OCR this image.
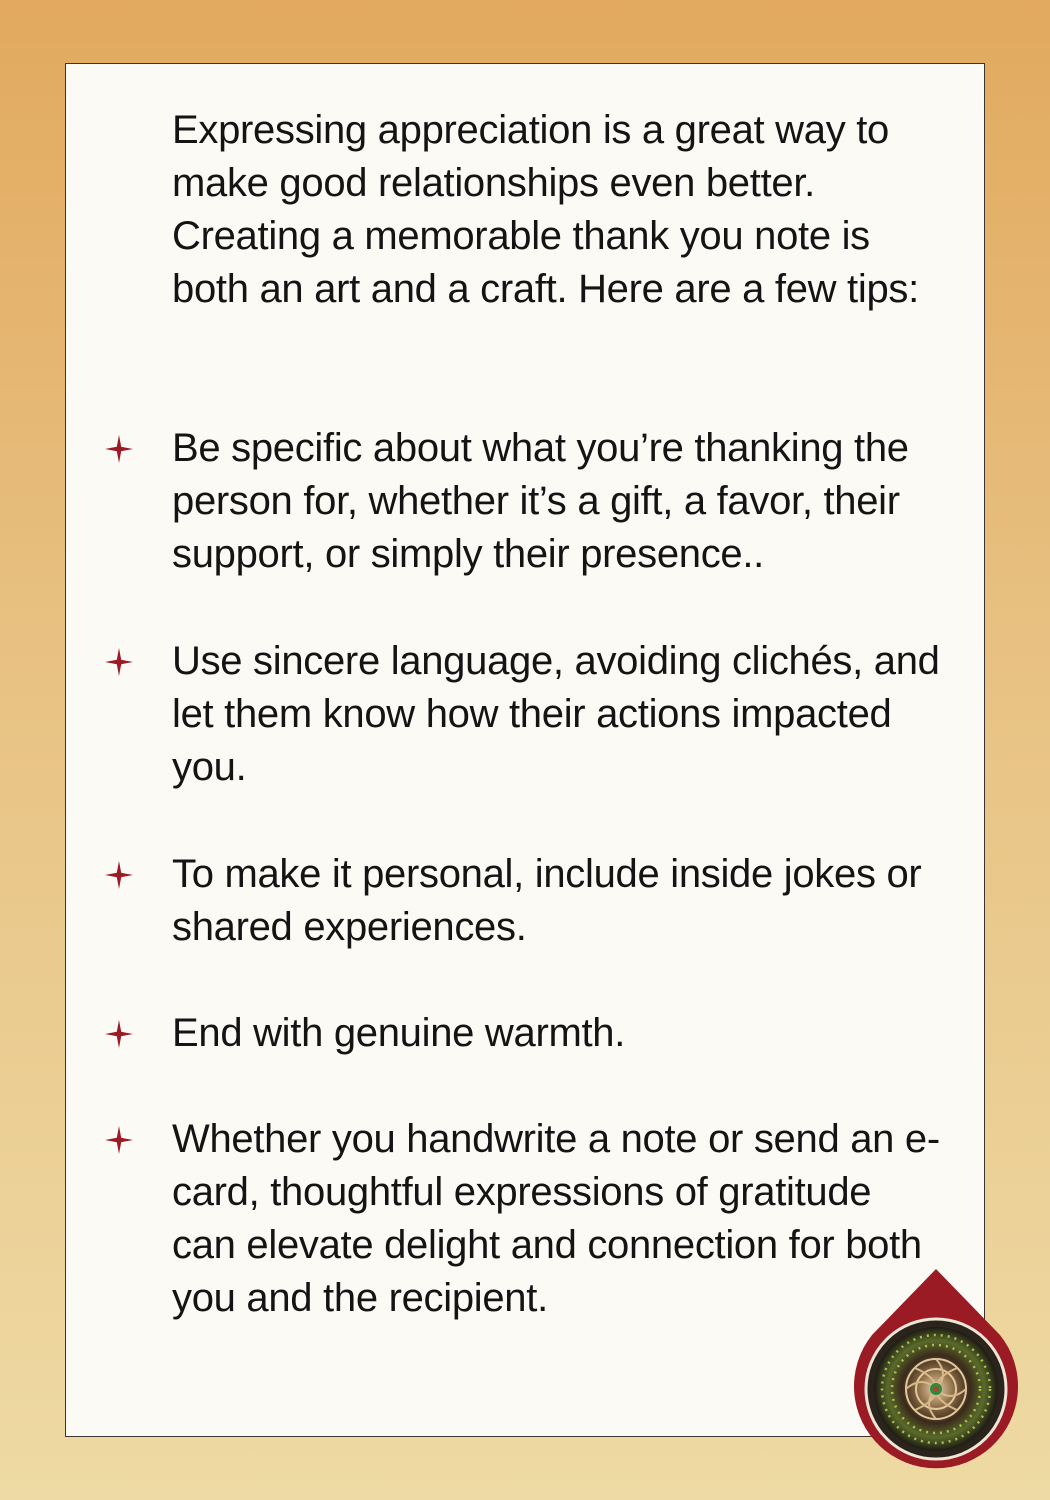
Expressing appreciation is a great way to make good relationships even better. Creating a memorable thank you note is both an art and a craft. Here are a few tips:

Be specific about what you’re thanking the person for, whether it’s a gift, a favor, their support, or simply their presence..
Use sincere language, avoiding clichés, and let them know how their actions impacted you.
To make it personal, include inside jokes or shared experiences.
End with genuine warmth.
Whether you handwrite a note or send an e-card, thoughtful expressions of gratitude can elevate delight and connection for both you and the recipient.
